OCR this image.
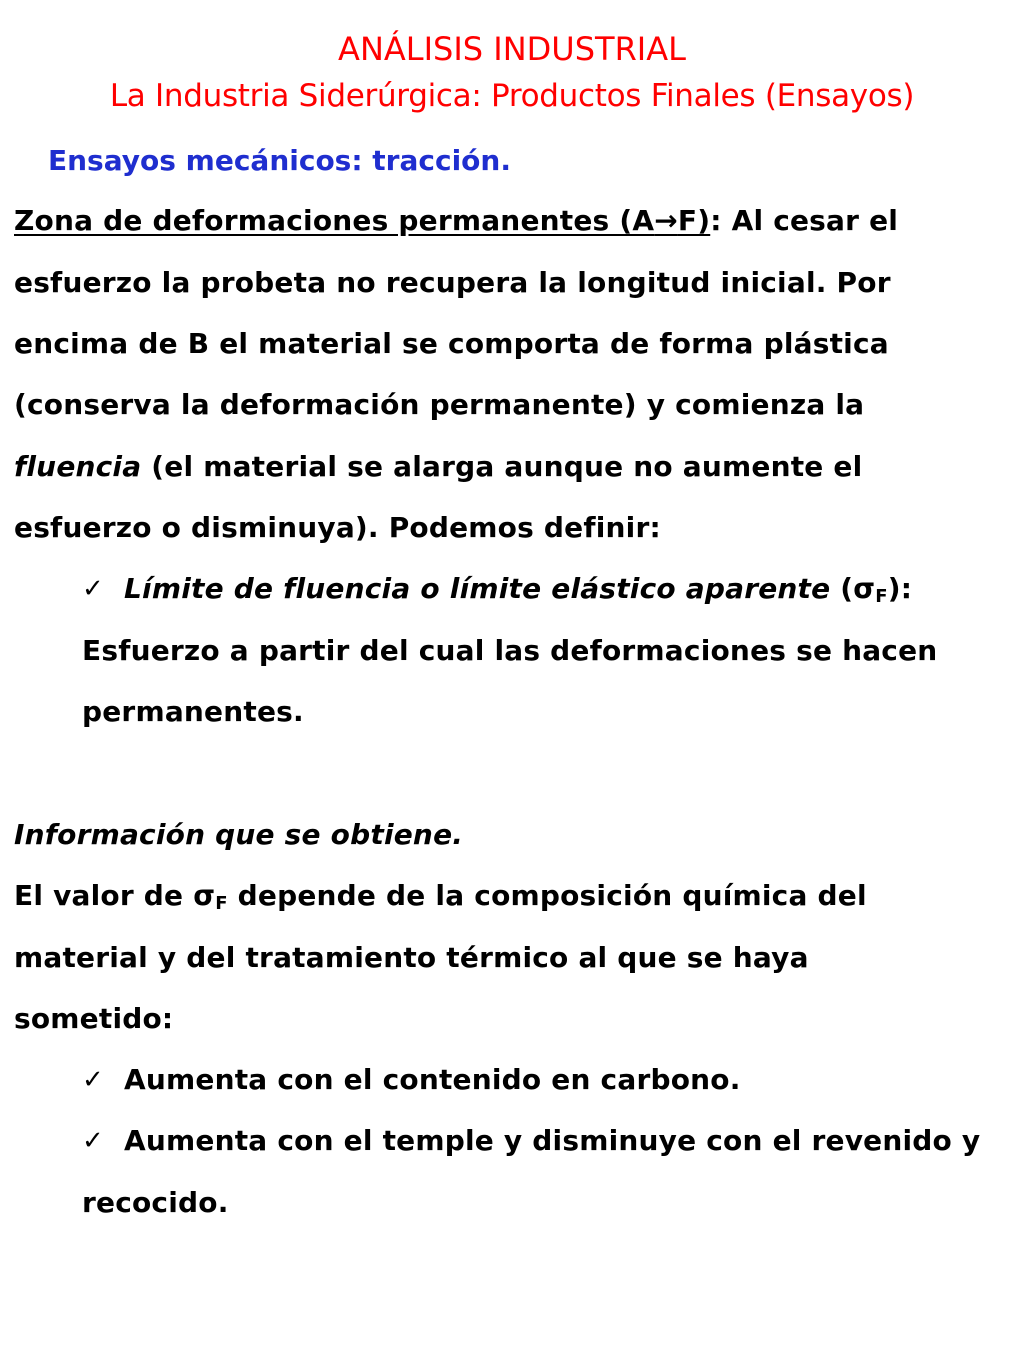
ANÁLISIS INDUSTRIAL
La Industria Siderúrgica: Productos Finales (Ensayos)
Ensayos mecánicos: tracción.
Zona de deformaciones permanentes (A→F): Al cesar el
esfuerzo la probeta no recupera la longitud inicial. Por
encima de B el material se comporta de forma plástica
(conserva la deformación permanente) y comienza la
fluencia (el material se alarga aunque no aumente el
esfuerzo o disminuya). Podemos definir:
✓ Límite de fluencia o límite elástico aparente $(\sigma_F)$:
Esfuerzo a partir del cual las deformaciones se hacen
permanentes.
Información que se obtiene.
El valor de $\sigma_F$ depende de la composición química del
material y del tratamiento térmico al que se haya
sometido:
✓ Aumenta con el contenido en carbono.
✓ Aumenta con el temple y disminuye con el revenido y
recocido.
